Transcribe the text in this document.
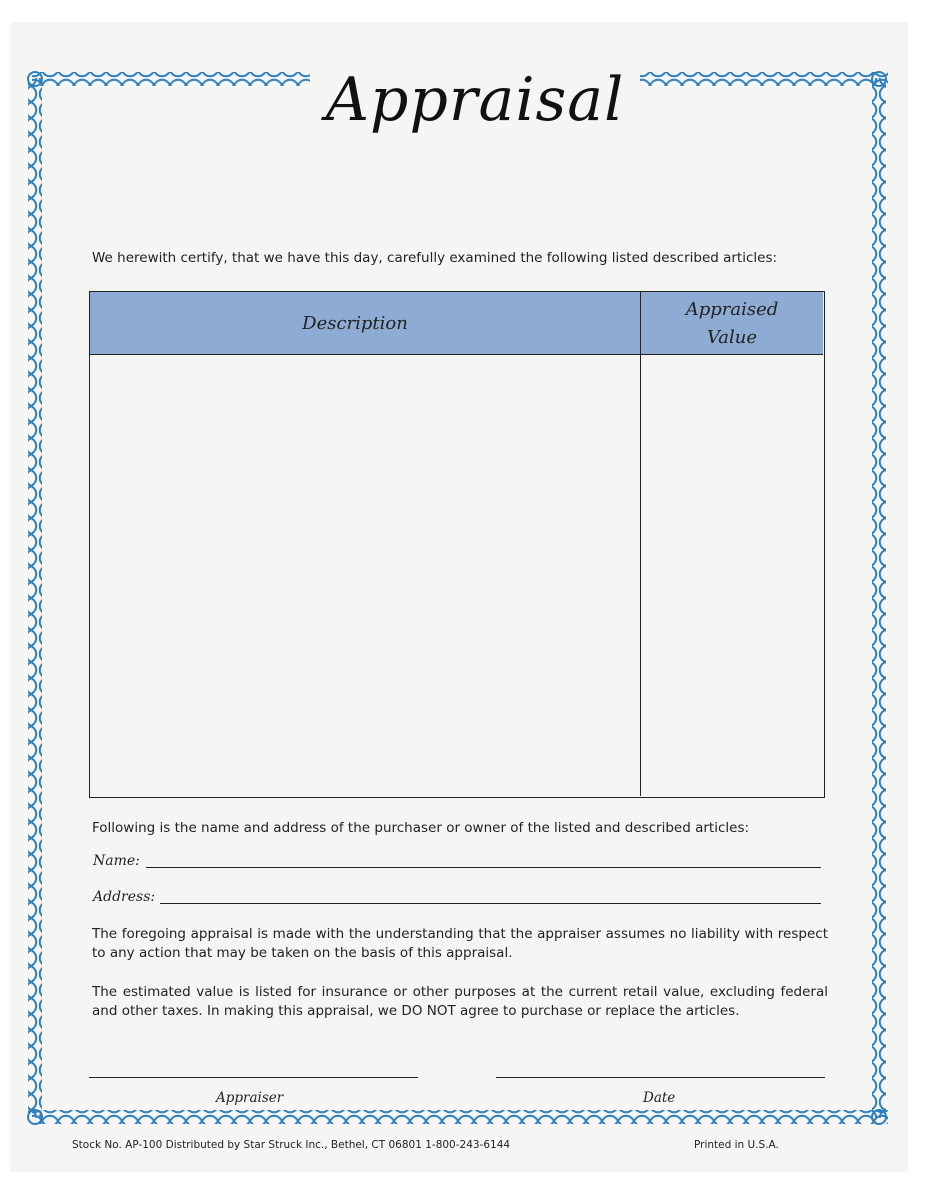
Appraisal
We herewith certify, that we have this day, carefully examined the following listed described articles:
Description
Appraised
Value
Following is the name and address of the purchaser or owner of the listed and described articles:
Name:
Address:
The foregoing appraisal is made with the understanding that the appraiser assumes no liability with respect to any action that may be taken on the basis of this appraisal.
The estimated value is listed for insurance or other purposes at the current retail value, excluding federal and other taxes. In making this appraisal, we DO NOT agree to purchase or replace the articles.
Appraiser	Date
Stock No. AP-100 Distributed by Star Struck Inc., Bethel, CT 06801 1-800-243-6144	Printed in U.S.A.
